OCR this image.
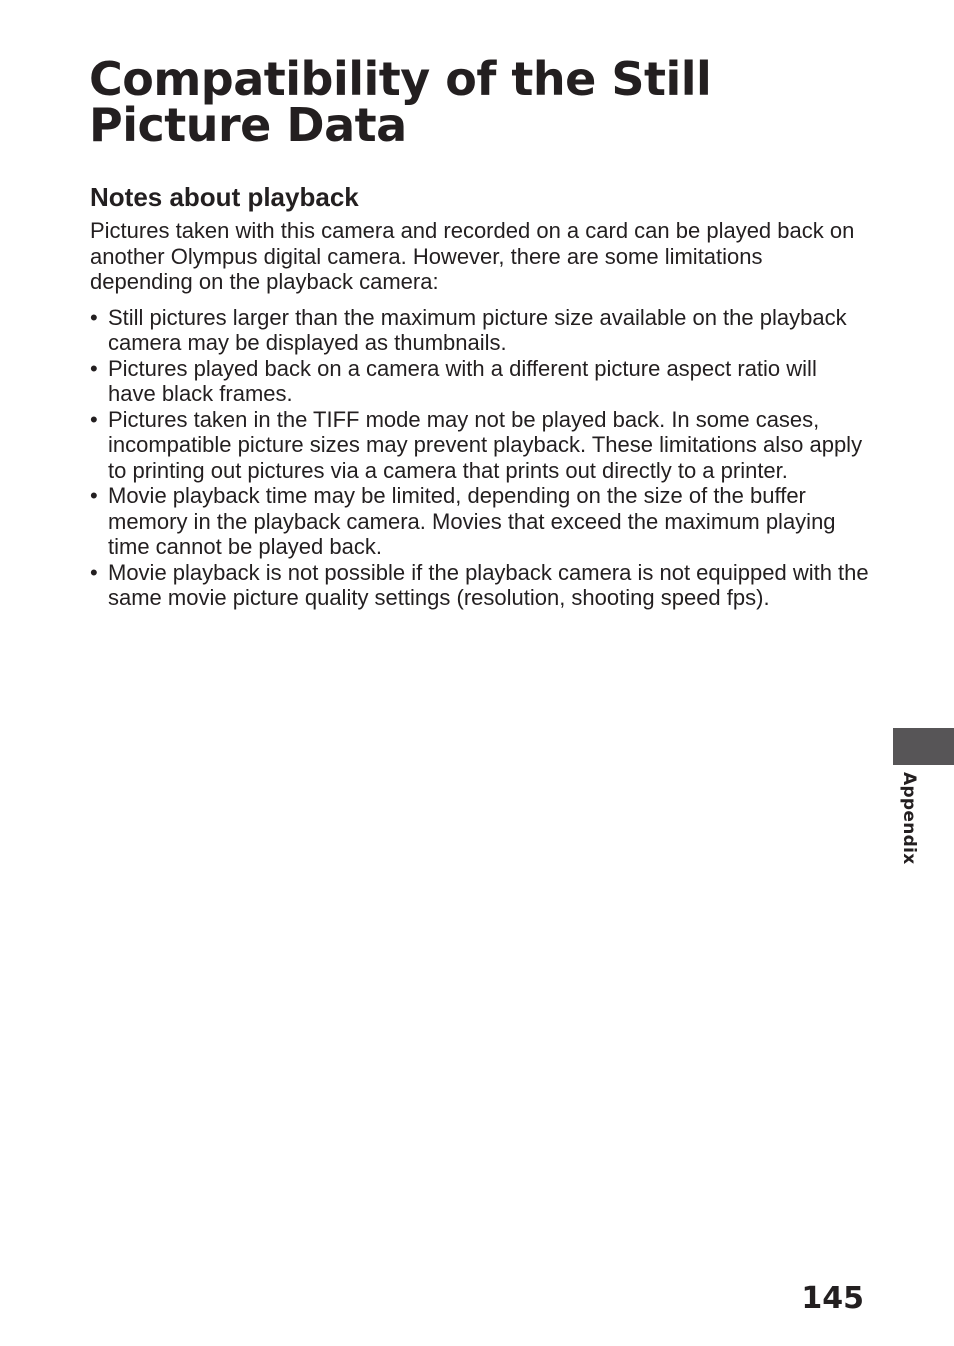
Compatibility of the Still Picture Data
Notes about playback

Pictures taken with this camera and recorded on a card can be played back on another Olympus digital camera. However, there are some limitations depending on the playback camera:

• Still pictures larger than the maximum picture size available on the playback camera may be displayed as thumbnails.
• Pictures played back on a camera with a different picture aspect ratio will have black frames.
• Pictures taken in the TIFF mode may not be played back. In some cases, incompatible picture sizes may prevent playback. These limitations also apply to printing out pictures via a camera that prints out directly to a printer.
• Movie playback time may be limited, depending on the size of the buffer memory in the playback camera. Movies that exceed the maximum playing time cannot be played back.
• Movie playback is not possible if the playback camera is not equipped with the same movie picture quality settings (resolution, shooting speed fps).
Appendix
145
